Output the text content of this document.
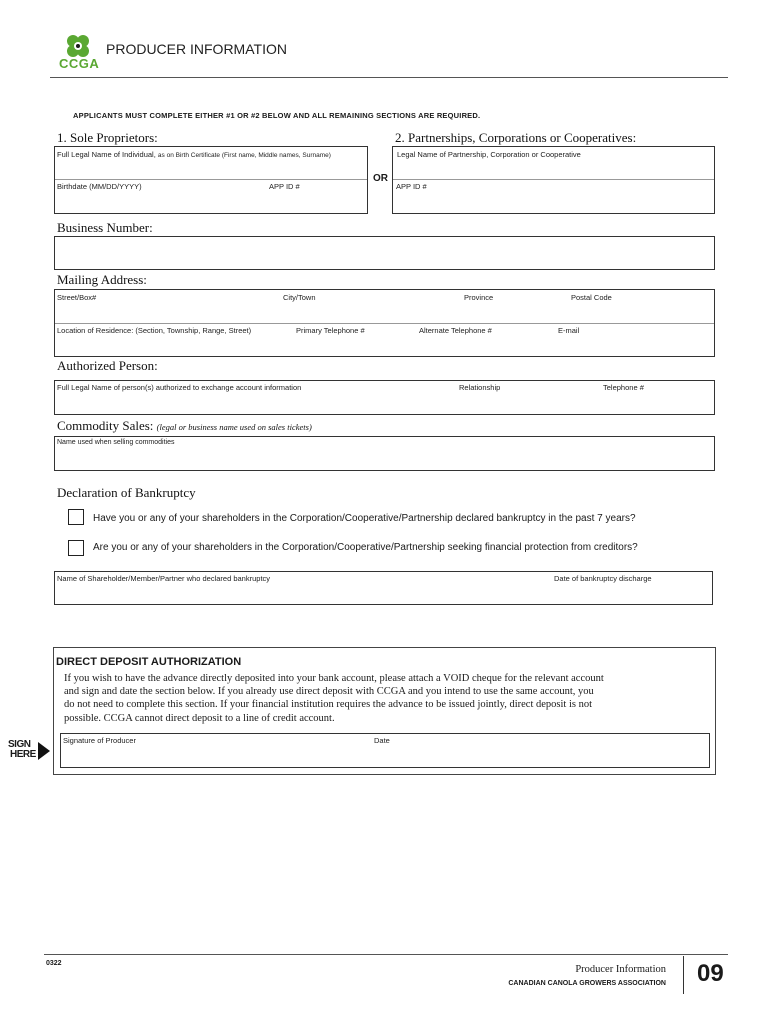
CCGA
PRODUCER INFORMATION
APPLICANTS MUST COMPLETE EITHER #1 OR #2 BELOW AND ALL REMAINING SECTIONS ARE REQUIRED.
1. Sole Proprietors:	2. Partnerships, Corporations or Cooperatives:
Full Legal Name of Individual, as on Birth Certificate (First name, Middle names, Surname)
Birthdate (MM/DD/YYYY)	APP ID #
OR
Legal Name of Partnership, Corporation or Cooperative
APP ID #
Business Number:
Mailing Address:
Street/Box#	City/Town	Province	Postal Code
Location of Residence: (Section, Township, Range, Street)	Primary Telephone #	Alternate Telephone #	E-mail
Authorized Person:
Full Legal Name of person(s) authorized to exchange account information	Relationship	Telephone #
Commodity Sales: (legal or business name used on sales tickets)
Name used when selling commodities
Declaration of Bankruptcy
Have you or any of your shareholders in the Corporation/Cooperative/Partnership declared bankruptcy in the past 7 years?
Are you or any of your shareholders in the Corporation/Cooperative/Partnership seeking financial protection from creditors?
Name of Shareholder/Member/Partner who declared bankruptcy	Date of bankruptcy discharge
DIRECT DEPOSIT AUTHORIZATION
If you wish to have the advance directly deposited into your bank account, please attach a VOID cheque for the relevant account
and sign and date the section below. If you already use direct deposit with CCGA and you intend to use the same account, you
do not need to complete this section. If your financial institution requires the advance to be issued jointly, direct deposit is not
possible. CCGA cannot direct deposit to a line of credit account.
Signature of Producer	Date
SIGN
HERE
0322
Producer Information
CANADIAN CANOLA GROWERS ASSOCIATION 09
